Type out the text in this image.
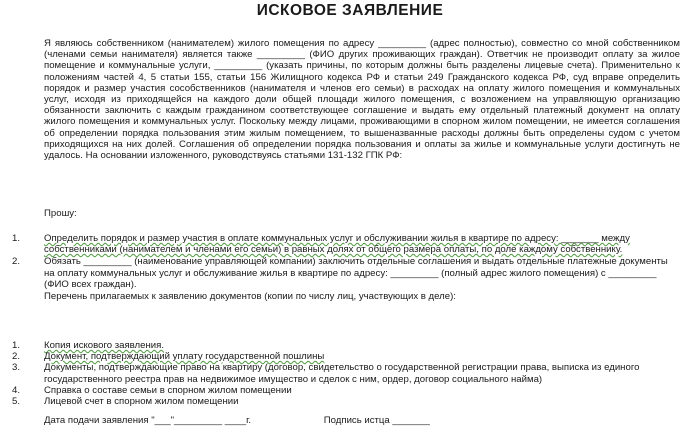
ИСКОВОЕ ЗАЯВЛЕНИЕ

Я являюсь собственником (нанимателем) жилого помещения по адресу _________ (адрес полностью), совместно со мной собственником (членами семьи нанимателя) является также _________ (ФИО других проживающих граждан). Ответчик не производит оплату за жилое помещение и коммунальные услуги, _________ (указать причины, по которым должны быть разделены лицевые счета). Применительно к положениям частей 4, 5 статьи 155, статьи 156 Жилищного кодекса РФ и статьи 249 Гражданского кодекса РФ, суд вправе определить порядок и размер участия сособственников (нанимателя и членов его семьи) в расходах на оплату жилого помещения и коммунальных услуг, исходя из приходящейся на каждого доли общей площади жилого помещения, с возложением на управляющую организацию обязанности заключить с каждым гражданином соответствующее соглашение и выдать ему отдельный платежный документ на оплату жилого помещения и коммунальных услуг. Поскольку между лицами, проживающими в спорном жилом помещении, не имеется соглашения об определении порядка пользования этим жилым помещением, то вышеназванные расходы должны быть определены судом с учетом приходящихся на них долей. Соглашения об определении порядка пользования и оплаты за жилье и коммунальные услуги достигнуть не удалось. На основании изложенного, руководствуясь статьями 131-132 ГПК РФ:

Прошу:
1. Определить порядок и размер участия в оплате коммунальных услуг и обслуживании жилья в квартире по адресу: _______ между собственниками (нанимателем и членами его семьи) в равных долях от общего размера оплаты, по доле каждому собственнику.
2. Обязать _________ (наименование управляющей компании) заключить отдельные соглашения и выдать отдельные платежные документы на оплату коммунальных услуг и обслуживание жилья в квартире по адресу: _________ (полный адрес жилого помещения) с _________ (ФИО всех граждан).
Перечень прилагаемых к заявлению документов (копии по числу лиц, участвующих в деле):
1. Копия искового заявления.
2. Документ, подтверждающий уплату государственной пошлины
3. Документы, подтверждающие право на квартиру (договор, свидетельство о государственной регистрации права, выписка из единого государственного реестра прав на недвижимое имущество и сделок с ним, ордер, договор социального найма)
4. Справка о составе семьи в спорном жилом помещении
5. Лицевой счет в спорном жилом помещении
Дата подачи заявления "___"_________ ____г.	Подпись истца _______
